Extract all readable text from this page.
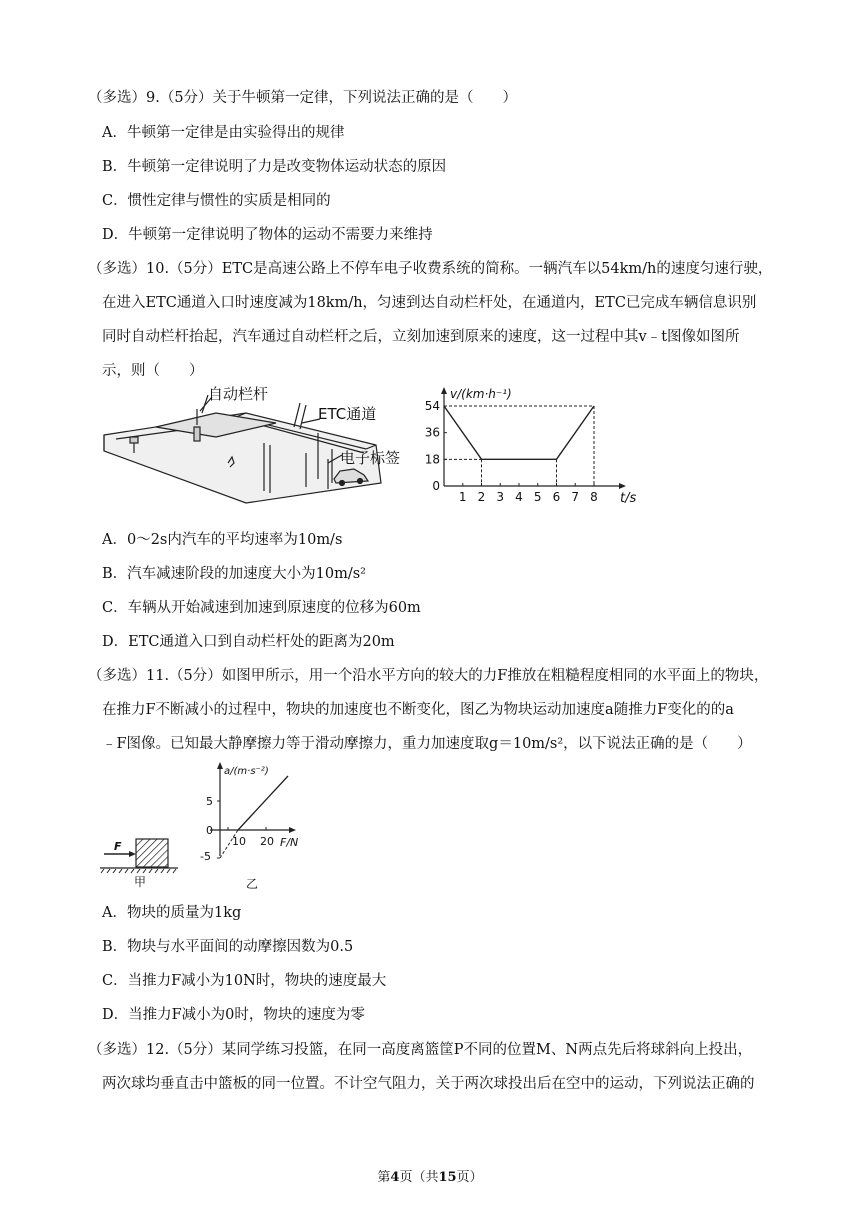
（多选）9.（5分）关于牛顿第一定律，下列说法正确的是（　　）
A．牛顿第一定律是由实验得出的规律
B．牛顿第一定律说明了力是改变物体运动状态的原因
C．惯性定律与惯性的实质是相同的
D．牛顿第一定律说明了物体的运动不需要力来维持
（多选）10.（5分）ETC是高速公路上不停车电子收费系统的简称。一辆汽车以54km/h的速度匀速行驶，
在进入ETC通道入口时速度减为18km/h，匀速到达自动栏杆处，在通道内，ETC已完成车辆信息识别
同时自动栏杆抬起，汽车通过自动栏杆之后，立刻加速到原来的速度，这一过程中其v﹣t图像如图所
示，则（　　）
自动栏杆
ETC通道
电子标签
v/(km·h⁻¹)
t/s
54
36
18
0
1 2 3 4 5 6 7 8
A．0～2s内汽车的平均速率为10m/s
B．汽车减速阶段的加速度大小为10m/s²
C．车辆从开始减速到加速到原速度的位移为60m
D．ETC通道入口到自动栏杆处的距离为20m
（多选）11.（5分）如图甲所示，用一个沿水平方向的较大的力F推放在粗糙程度相同的水平面上的物块，
在推力F不断减小的过程中，物块的加速度也不断变化，图乙为物块运动加速度a随推力F变化的的a
﹣F图像。已知最大静摩擦力等于滑动摩擦力，重力加速度取g＝10m/s²，以下说法正确的是（　　）
F
甲
a/(m·s⁻²)
5
0
-5
10 20 F/N
乙
A．物块的质量为1kg
B．物块与水平面间的动摩擦因数为0.5
C．当推力F减小为10N时，物块的速度最大
D．当推力F减小为0时，物块的速度为零
（多选）12.（5分）某同学练习投篮，在同一高度离篮筐P不同的位置M、N两点先后将球斜向上投出，
两次球均垂直击中篮板的同一位置。不计空气阻力，关于两次球投出后在空中的运动，下列说法正确的
第4页（共15页）
